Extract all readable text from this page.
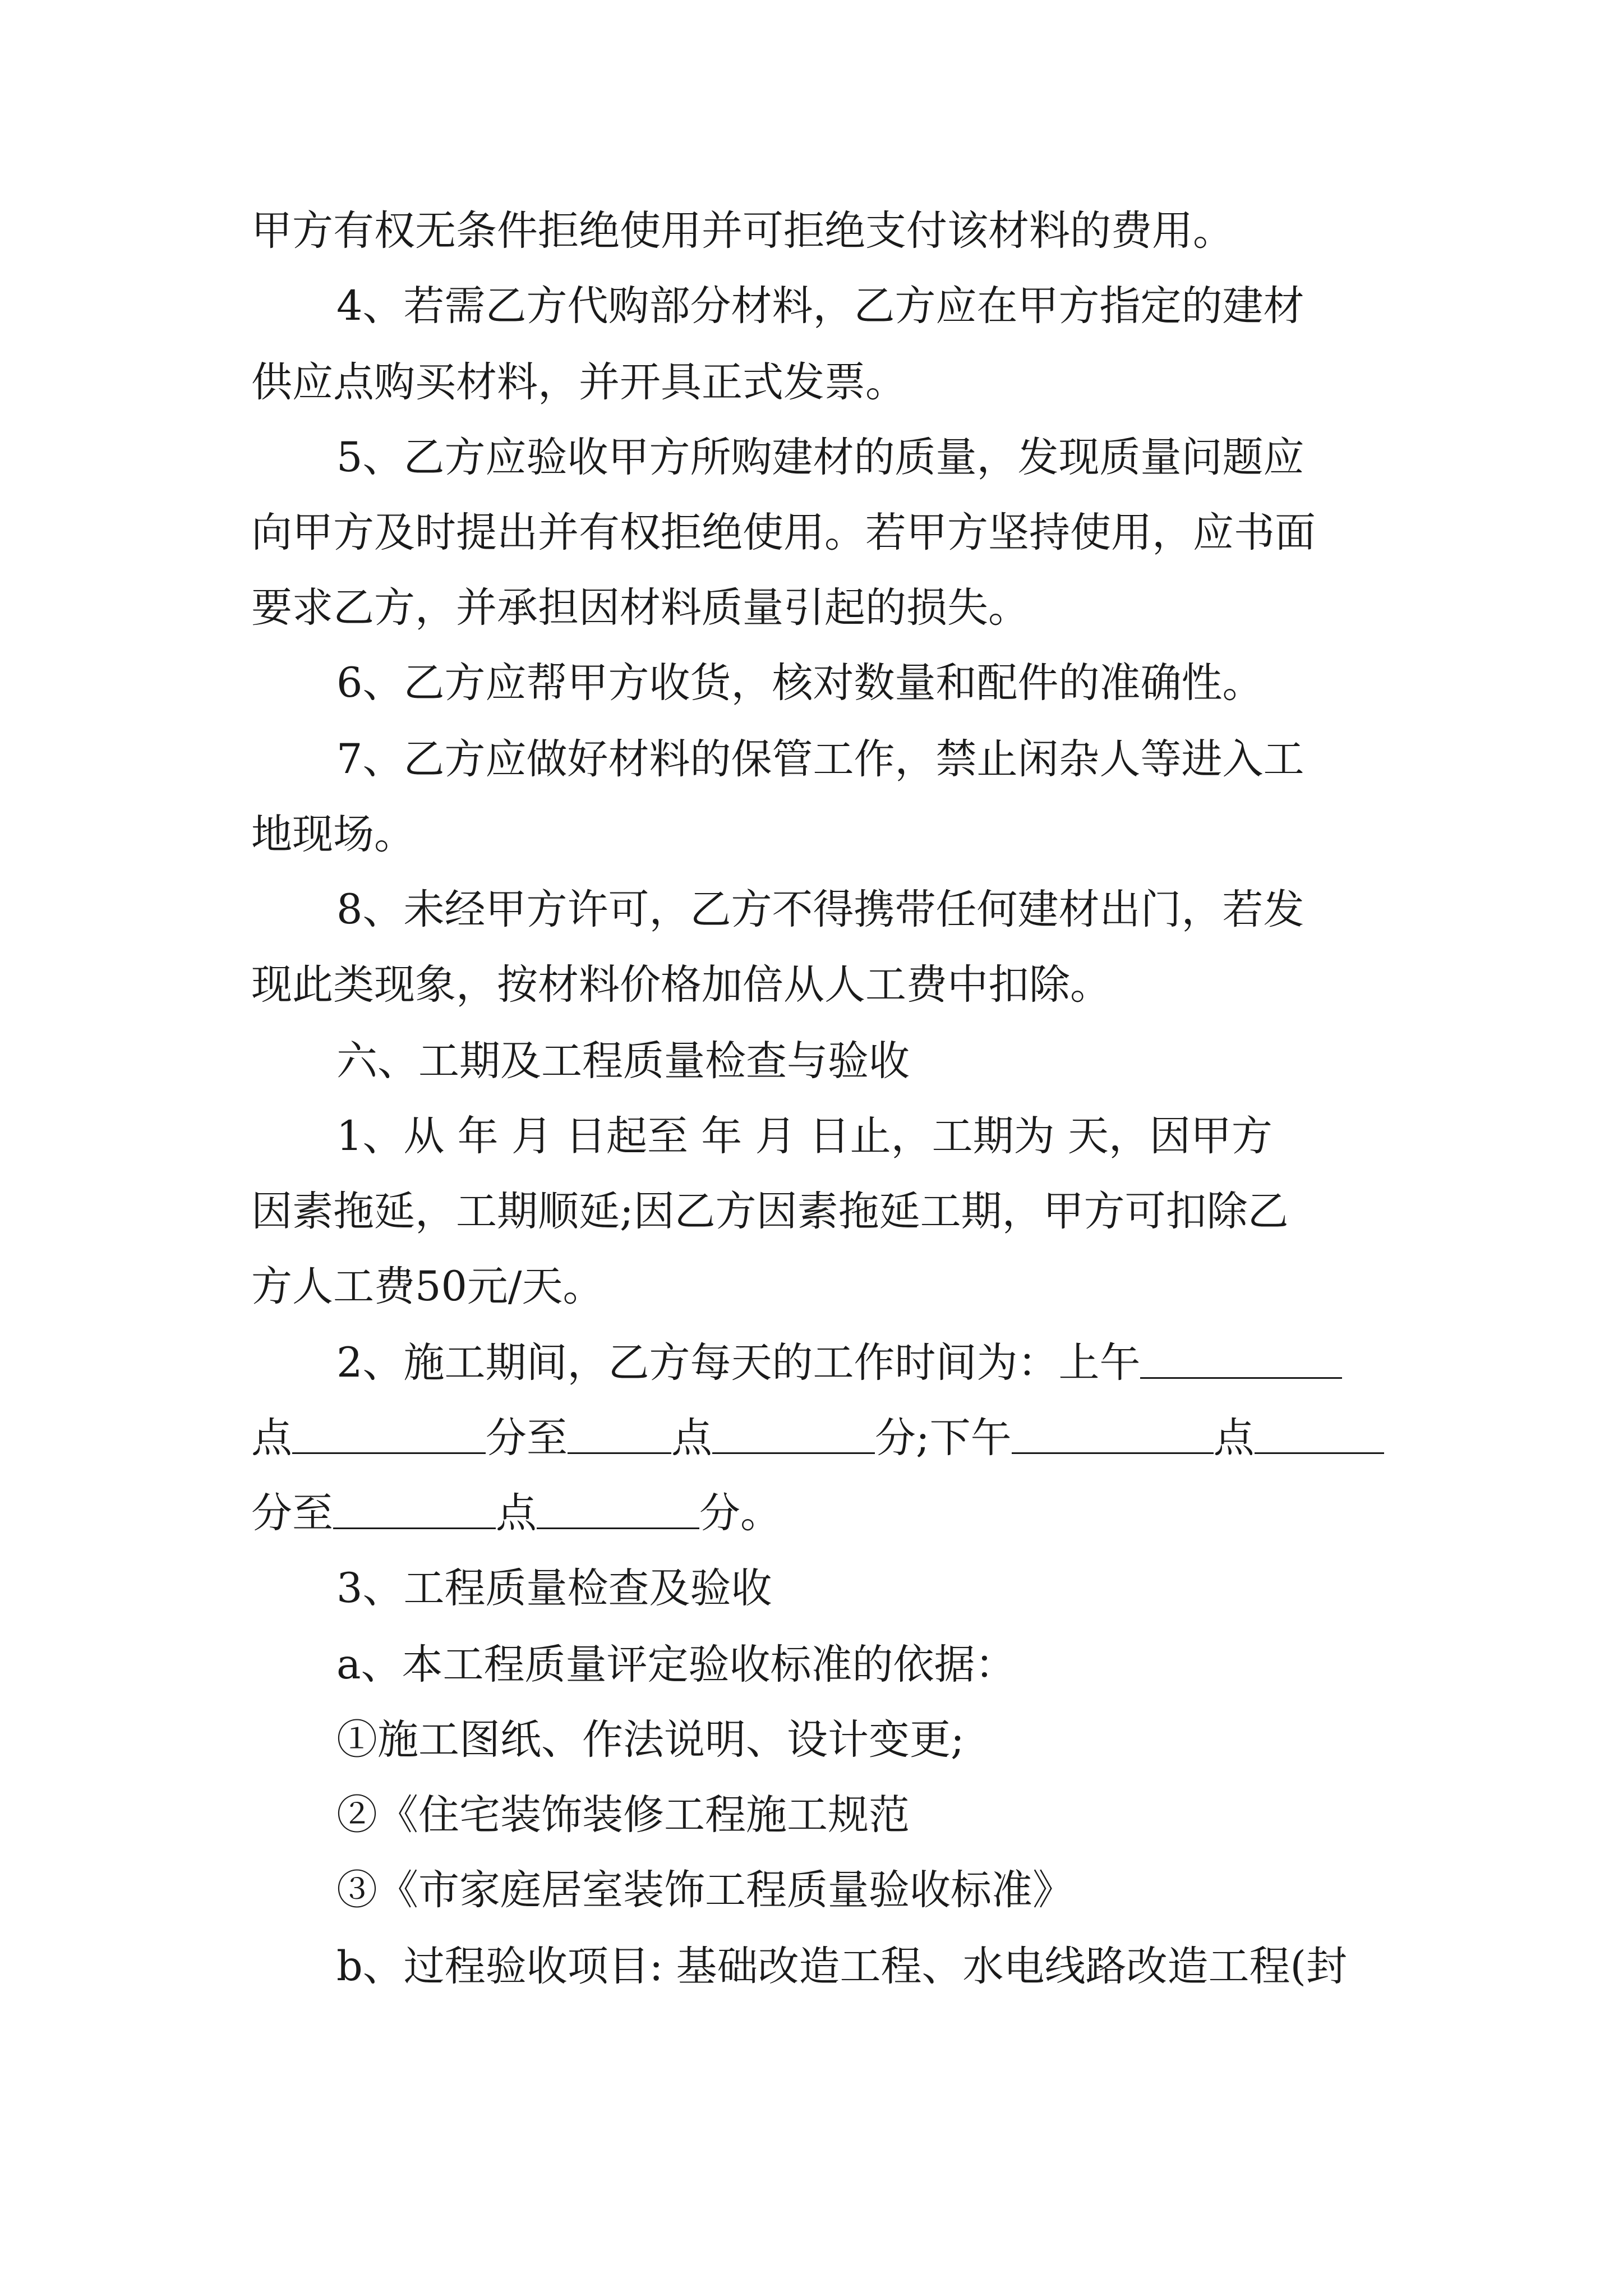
甲方有权无条件拒绝使用并可拒绝支付该材料的费用。
4、若需乙方代购部分材料，乙方应在甲方指定的建材
供应点购买材料，并开具正式发票。
5、乙方应验收甲方所购建材的质量，发现质量问题应
向甲方及时提出并有权拒绝使用。若甲方坚持使用，应书面
要求乙方，并承担因材料质量引起的损失。
6、乙方应帮甲方收货，核对数量和配件的准确性。
7、乙方应做好材料的保管工作，禁止闲杂人等进入工
地现场。
8、未经甲方许可，乙方不得携带任何建材出门，若发
现此类现象，按材料价格加倍从人工费中扣除。
六、工期及工程质量检查与验收
1、从 年 月 日起至 年 月 日止，工期为 天，因甲方
因素拖延，工期顺延;因乙方因素拖延工期，甲方可扣除乙
方人工费50元/天。
2、施工期间，乙方每天的工作时间为：上午
点	分至	点	分;下午	点
分至	点	分。
3、工程质量检查及验收
a、本工程质量评定验收标准的依据：
①施工图纸、作法说明、设计变更;
②《住宅装饰装修工程施工规范
③《市家庭居室装饰工程质量验收标准》
b、过程验收项目: 基础改造工程、水电线路改造工程(封
